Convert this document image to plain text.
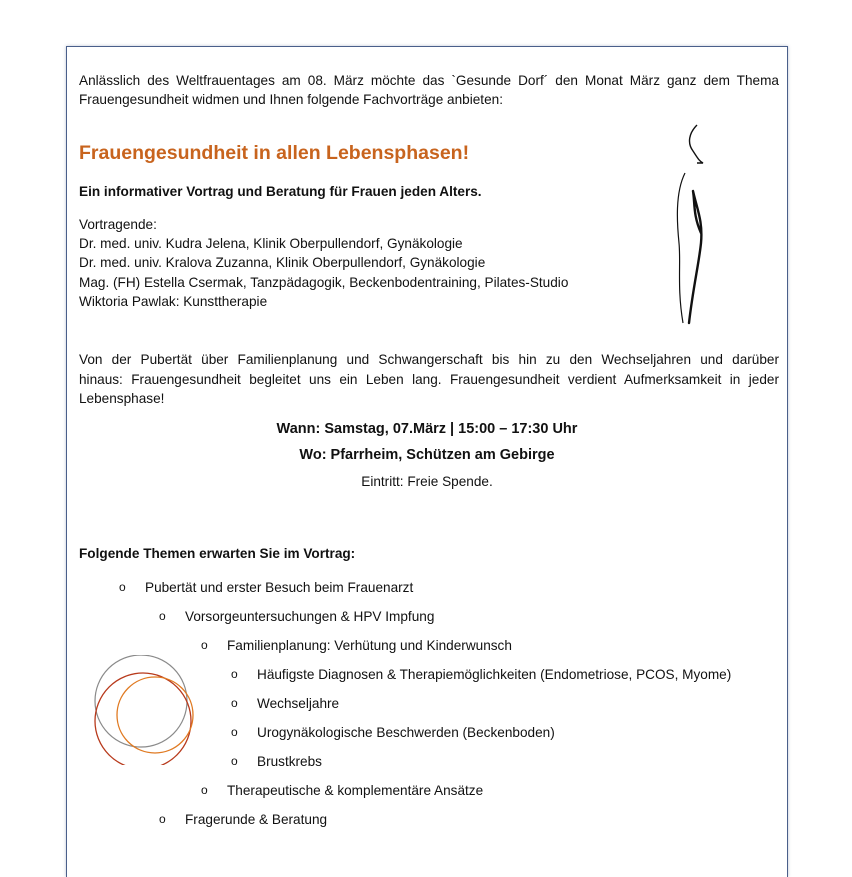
Anlässlich des Weltfrauentages am 08. März möchte das `Gesunde Dorf´ den Monat März ganz dem Thema
Frauengesundheit widmen und Ihnen folgende Fachvorträge anbieten:
Frauengesundheit in allen Lebensphasen!
Ein informativer Vortrag und Beratung für Frauen jeden Alters.
Vortragende:
Dr. med. univ. Kudra Jelena, Klinik Oberpullendorf, Gynäkologie
Dr. med. univ. Kralova Zuzanna, Klinik Oberpullendorf, Gynäkologie
Mag. (FH) Estella Csermak, Tanzpädagogik, Beckenbodentraining, Pilates-Studio
Wiktoria Pawlak: Kunsttherapie
Von der Pubertät über Familienplanung und Schwangerschaft bis hin zu den Wechseljahren und darüber
hinaus: Frauengesundheit begleitet uns ein Leben lang. Frauengesundheit verdient Aufmerksamkeit in jeder
Lebensphase!
Wann: Samstag, 07.März | 15:00 – 17:30 Uhr
Wo: Pfarrheim, Schützen am Gebirge
Eintritt: Freie Spende.
Folgende Themen erwarten Sie im Vortrag:
o Pubertät und erster Besuch beim Frauenarzt
o Vorsorgeuntersuchungen & HPV Impfung
o Familienplanung: Verhütung und Kinderwunsch
o Häufigste Diagnosen & Therapiemöglichkeiten (Endometriose, PCOS, Myome)
o Wechseljahre
o Urogynäkologische Beschwerden (Beckenboden)
o Brustkrebs
o Therapeutische & komplementäre Ansätze
o Fragerunde & Beratung
